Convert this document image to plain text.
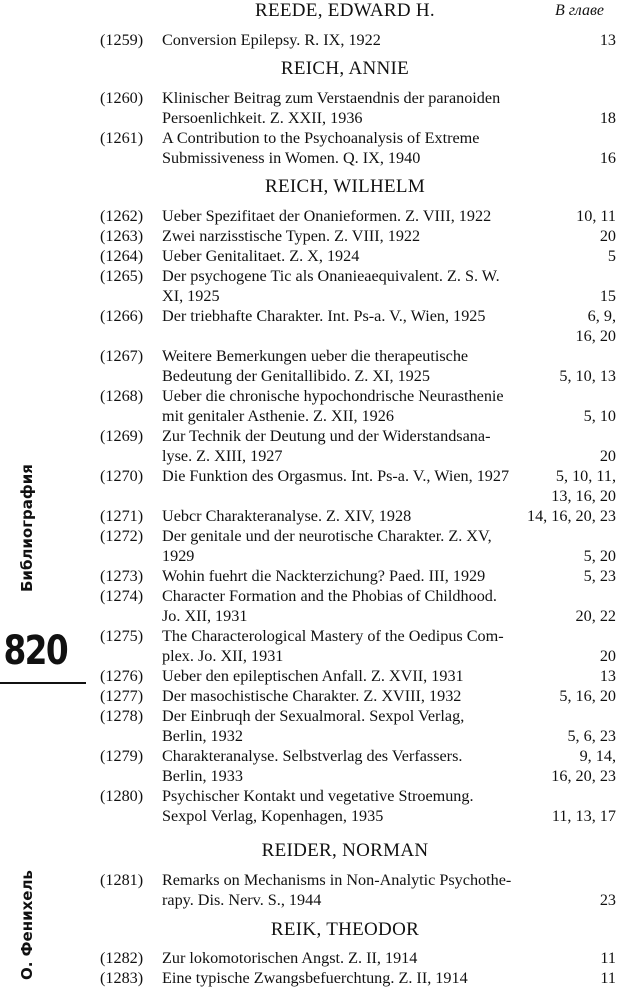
В главе
Библиография
820
О. Фенихель
REEDE, EDWARD H.
(1259)	Conversion Epilepsy. R. IX, 1922	13
REICH, ANNIE
(1260)	Klinischer Beitrag zum Verstaendnis der paranoiden
Persoenlichkeit. Z. XXII, 1936	18
(1261)	A Contribution to the Psychoanalysis of Extreme
Submissiveness in Women. Q. IX, 1940	16
REICH, WILHELM
(1262)	Ueber Spezifitaet der Onanieformen. Z. VIII, 1922	10, 11
(1263)	Zwei narzisstische Typen. Z. VIII, 1922	20
(1264)	Ueber Genitalitaet. Z. X, 1924	5
(1265)	Der psychogene Tic als Onanieaequivalent. Z. S. W.
XI, 1925	15
(1266)	Der triebhafte Charakter. Int. Ps-a. V., Wien, 1925	6, 9,
16, 20
(1267)	Weitere Bemerkungen ueber die therapeutische
Bedeutung der Genitallibido. Z. XI, 1925	5, 10, 13
(1268)	Ueber die chronische hypochondrische Neurasthenie
mit genitaler Asthenie. Z. XII, 1926	5, 10
(1269)	Zur Technik der Deutung und der Widerstandsana-
lyse. Z. XIII, 1927	20
(1270)	Die Funktion des Orgasmus. Int. Ps-a. V., Wien, 1927	5, 10, 11,
13, 16, 20
(1271)	Uebcr Charakteranalyse. Z. XIV, 1928	14, 16, 20, 23
(1272)	Der genitale und der neurotische Charakter. Z. XV,
1929	5, 20
(1273)	Wohin fuehrt die Nackterzichung? Paed. III, 1929	5, 23
(1274)	Character Formation and the Phobias of Childhood.
Jo. XII, 1931	20, 22
(1275)	The Characterological Mastery of the Oedipus Com-
plex. Jo. XII, 1931	20
(1276)	Ueber den epileptischen Anfall. Z. XVII, 1931	13
(1277)	Der masochistische Charakter. Z. XVIII, 1932	5, 16, 20
(1278)	Der Einbruqh der Sexualmoral. Sexpol Verlag,
Berlin, 1932	5, 6, 23
(1279)	Charakteranalyse. Selbstverlag des Verfassers.	9, 14,
Berlin, 1933	16, 20, 23
(1280)	Psychischer Kontakt und vegetative Stroemung.
Sexpol Verlag, Kopenhagen, 1935	11, 13, 17
REIDER, NORMAN
(1281)	Remarks on Mechanisms in Non-Analytic Psychothe-
rapy. Dis. Nerv. S., 1944	23
REIK, THEODOR
(1282)	Zur lokomotorischen Angst. Z. II, 1914	11
(1283)	Eine typische Zwangsbefuerchtung. Z. II, 1914	11
